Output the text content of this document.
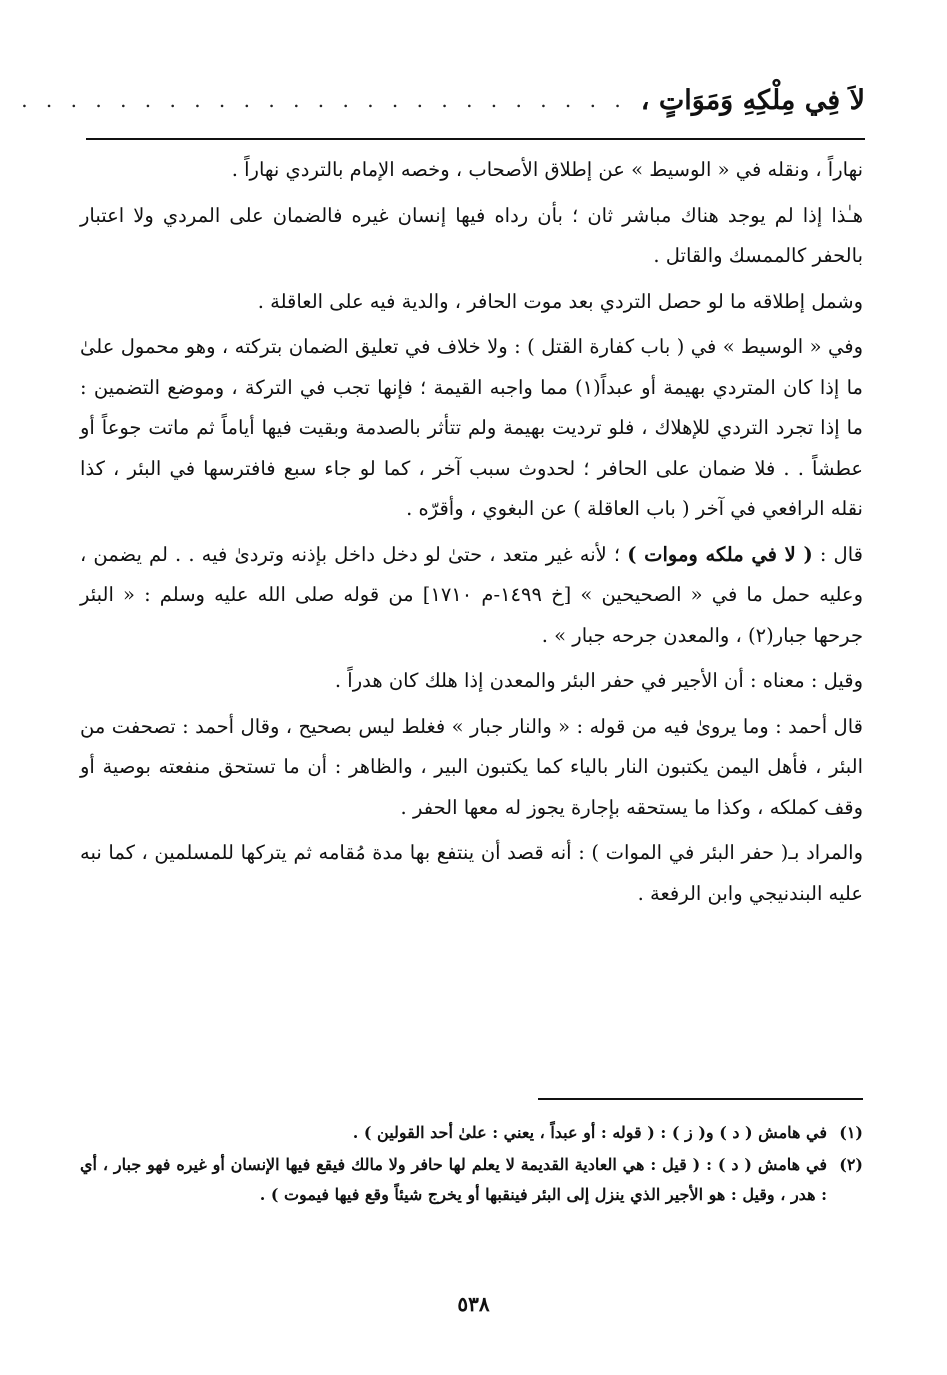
لاَ فِي مِلْكِهِ وَمَوَاتٍ ،
. . . . . . . . . . . . . . . . . . . . . . . . .

نهاراً ، ونقله في « الوسيط » عن إطلاق الأصحاب ، وخصه الإمام بالتردي نهاراً .

هـٰذا إذا لم يوجد هناك مباشر ثان ؛ بأن رداه فيها إنسان غيره فالضمان على المردي ولا اعتبار بالحفر كالممسك والقاتل .

وشمل إطلاقه ما لو حصل التردي بعد موت الحافر ، والدية فيه على العاقلة .

وفي « الوسيط » في ( باب كفارة القتل ) : ولا خلاف في تعليق الضمان بتركته ، وهو محمول علىٰ ما إذا كان المتردي بهيمة أو عبداً(١) مما واجبه القيمة ؛ فإنها تجب في التركة ، وموضع التضمين : ما إذا تجرد التردي للإهلاك ، فلو ترديت بهيمة ولم تتأثر بالصدمة وبقيت فيها أياماً ثم ماتت جوعاً أو عطشاً . . فلا ضمان على الحافر ؛ لحدوث سبب آخر ، كما لو جاء سبع فافترسها في البئر ، كذا نقله الرافعي في آخر ( باب العاقلة ) عن البغوي ، وأقرّه .

قال : ( لا في ملكه وموات ) ؛ لأنه غير متعد ، حتىٰ لو دخل داخل بإذنه وتردىٰ فيه . . لم يضمن ، وعليه حمل ما في « الصحيحين » [خ ١٤٩٩-م ١٧١٠] من قوله صلى الله عليه وسلم : « البئر جرحها جبار(٢) ، والمعدن جرحه جبار » .

وقيل : معناه : أن الأجير في حفر البئر والمعدن إذا هلك كان هدراً .

قال أحمد : وما يروىٰ فيه من قوله : « والنار جبار » فغلط ليس بصحيح ، وقال أحمد : تصحفت من البئر ، فأهل اليمن يكتبون النار بالياء كما يكتبون البير ، والظاهر : أن ما تستحق منفعته بوصية أو وقف كملكه ، وكذا ما يستحقه بإجارة يجوز له معها الحفر .

والمراد بـ( حفر البئر في الموات ) : أنه قصد أن ينتفع بها مدة مُقامه ثم يتركها للمسلمين ، كما نبه عليه البندنيجي وابن الرفعة .

(١)
في هامش ( د ) و( ز ) : ( قوله : أو عبداً ، يعني : علىٰ أحد القولين ) .
(٢)
في هامش ( د ) : ( قيل : هي العادية القديمة لا يعلم لها حافر ولا مالك فيقع فيها الإنسان أو غيره فهو جبار ، أي : هدر ، وقيل : هو الأجير الذي ينزل إلى البئر فينقبها أو يخرج شيئاً وقع فيها فيموت ) .
٥٣٨
